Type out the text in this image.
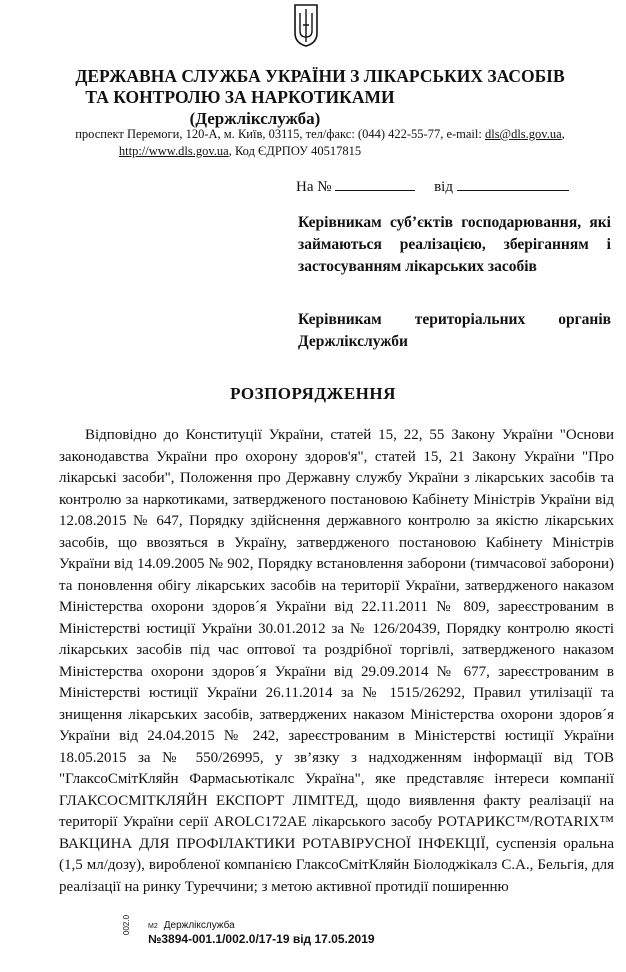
ДЕРЖАВНА СЛУЖБА УКРАЇНИ З ЛІКАРСЬКИХ ЗАСОБІВ
ТА КОНТРОЛЮ ЗА НАРКОТИКАМИ
(Держлікслужба)
проспект Перемоги, 120-А, м. Київ, 03115, тел/факс: (044) 422-55-77, e-mail: dls@dls.gov.ua,
http://www.dls.gov.ua, Код ЄДРПОУ 40517815
На №	від
Керівникам суб’єктів господарювання, які займаються реалізацією, зберіганням і застосуванням лікарських засобів
Керівникам територіальних органів Держлікслужби
РОЗПОРЯДЖЕННЯ
Відповідно до Конституції України, статей 15, 22, 55 Закону України "Основи законодавства України про охорону здоров'я", статей 15, 21 Закону України "Про лікарські засоби", Положення про Державну службу України з лікарських засобів та контролю за наркотиками, затвердженого постановою Кабінету Міністрів України від 12.08.2015 № 647, Порядку здійснення державного контролю за якістю лікарських засобів, що ввозяться в Україну, затвердженого постановою Кабінету Міністрів України від 14.09.2005 № 902, Порядку встановлення заборони (тимчасової заборони) та поновлення обігу лікарських засобів на території України, затвердженого наказом Міністерства охорони здоров´я України від 22.11.2011 № 809, зареєстрованим в Міністерстві юстиції України 30.01.2012 за № 126/20439, Порядку контролю якості лікарських засобів під час оптової та роздрібної торгівлі, затвердженого наказом Міністерства охорони здоров´я України від 29.09.2014 № 677, зареєстрованим в Міністерстві юстиції України 26.11.2014 за № 1515/26292, Правил утилізації та знищення лікарських засобів, затверджених наказом Міністерства охорони здоров´я України від 24.04.2015 № 242, зареєстрованим в Міністерстві юстиції України 18.05.2015 за № 550/26995, у зв’язку з надходженням інформації від ТОВ "ГлаксоСмітКляйн Фармасьютікалс Україна", яке представляє інтереси компанії ГЛАКСОСМІТКЛЯЙН ЕКСПОРТ ЛІМІТЕД, щодо виявлення факту реалізації на території України серії AROLC172AE лікарського засобу РОТАРИКС™/ROTARIX™ ВАКЦИНА ДЛЯ ПРОФІЛАКТИКИ РОТАВІРУСНОЇ ІНФЕКЦІЇ, суспензія оральна (1,5 мл/дозу), виробленої компанією ГлаксоСмітКляйн Біолоджікалз С.А., Бельгія, для реалізації на ринку Туреччини; з метою активної протидії поширенню
002.0 М2 Держлікслужба
№3894-001.1/002.0/17-19 від 17.05.2019
